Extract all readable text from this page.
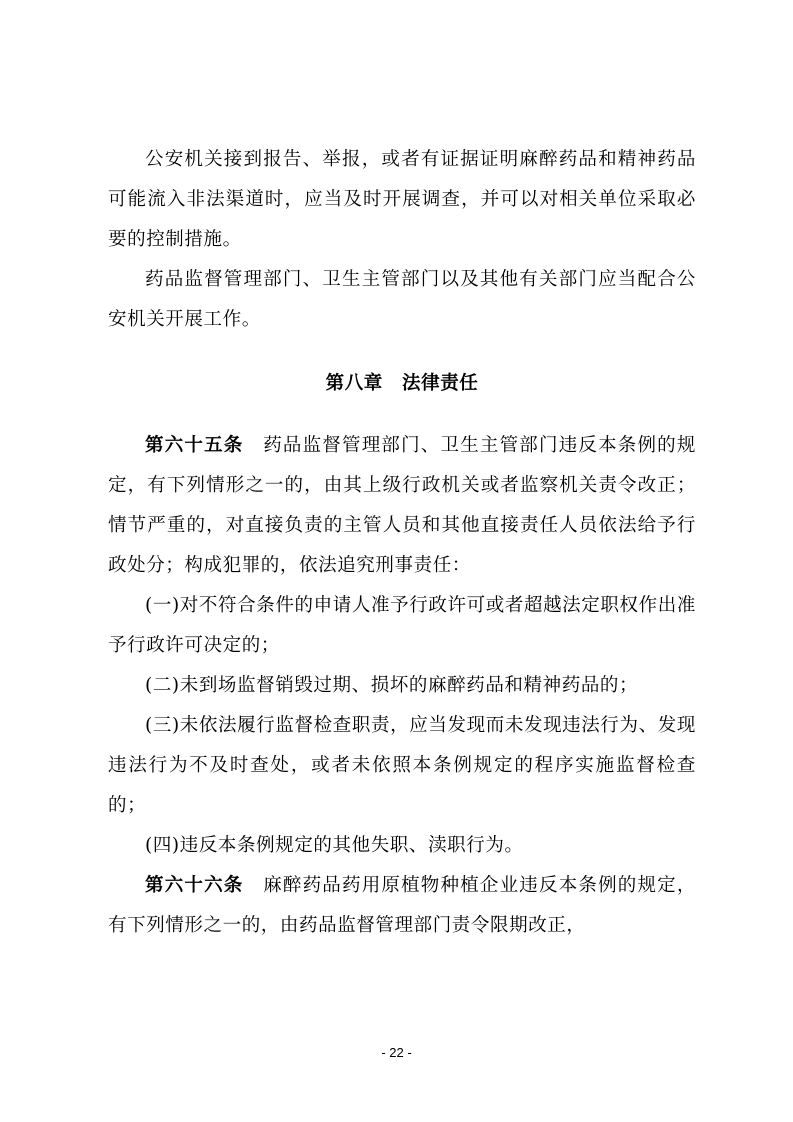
公安机关接到报告、举报，或者有证据证明麻醉药品和精神药品可能流入非法渠道时，应当及时开展调查，并可以对相关单位采取必要的控制措施。

药品监督管理部门、卫生主管部门以及其他有关部门应当配合公安机关开展工作。

第八章　法律责任

第六十五条　 药品监督管理部门、卫生主管部门违反本条例的规定，有下列情形之一的，由其上级行政机关或者监察机关责令改正；情节严重的，对直接负责的主管人员和其他直接责任人员依法给予行政处分；构成犯罪的，依法追究刑事责任：

(一)对不符合条件的申请人准予行政许可或者超越法定职权作出准予行政许可决定的；

(二)未到场监督销毁过期、损坏的麻醉药品和精神药品的；

(三)未依法履行监督检查职责，应当发现而未发现违法行为、发现违法行为不及时查处，或者未依照本条例规定的程序实施监督检查的；

(四)违反本条例规定的其他失职、渎职行为。

第六十六条　 麻醉药品药用原植物种植企业违反本条例的规定，有下列情形之一的，由药品监督管理部门责令限期改正，

- 22 -
